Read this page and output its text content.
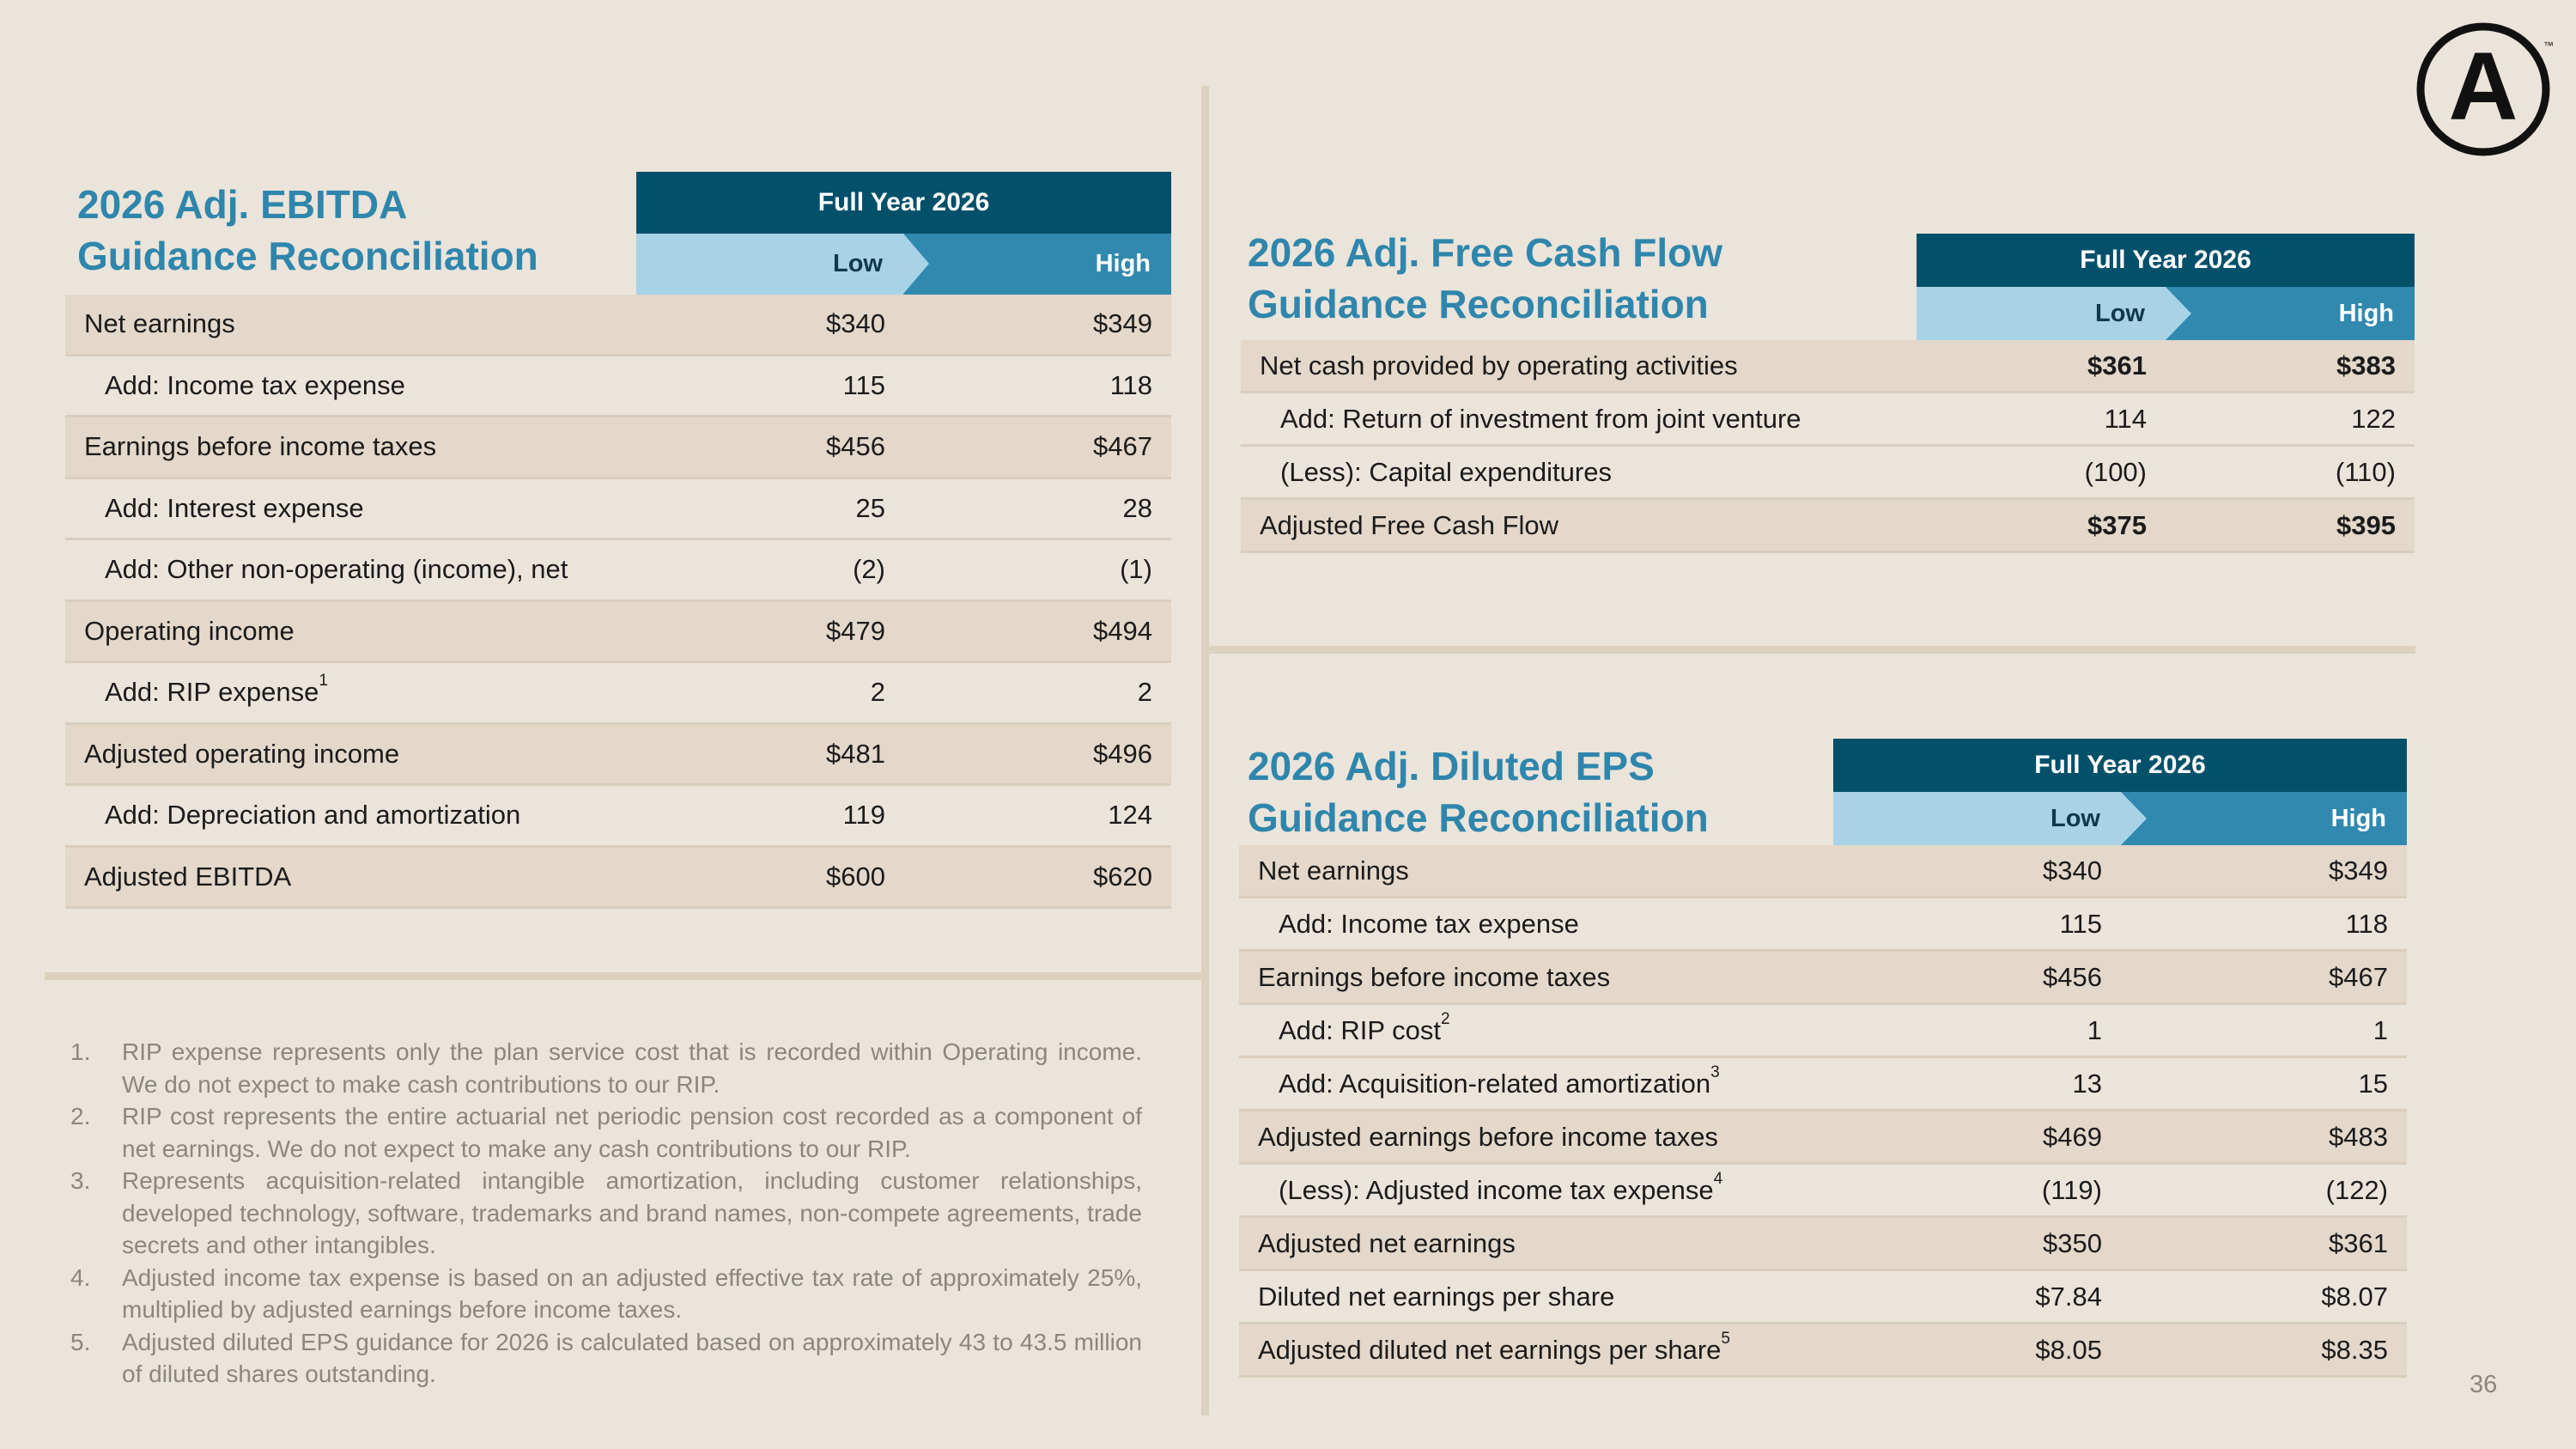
A ™
2026 Adj. EBITDA
Guidance Reconciliation
Full Year 2026
Low	High
Net earnings	$340	$349
Add: Income tax expense	115	118
Earnings before income taxes	$456	$467
Add: Interest expense	25	28
Add: Other non-operating (income), net	(2)	(1)
Operating income	$479	$494
Add: RIP expense$^1$	2	2
Adjusted operating income	$481	$496
Add: Depreciation and amortization	119	124
Adjusted EBITDA	$600	$620
2026 Adj. Free Cash Flow
Guidance Reconciliation
Full Year 2026
Low	High
Net cash provided by operating activities	$361	$383
Add: Return of investment from joint venture	114	122
(Less): Capital expenditures	(100)	(110)
Adjusted Free Cash Flow	$375	$395
2026 Adj. Diluted EPS
Guidance Reconciliation
Full Year 2026
Low	High
Net earnings	$340	$349
Add: Income tax expense	115	118
Earnings before income taxes	$456	$467
Add: RIP cost$^2$	1	1
Add: Acquisition-related amortization$^3$	13	15
Adjusted earnings before income taxes	$469	$483
(Less): Adjusted income tax expense$^4$	(119)	(122)
Adjusted net earnings	$350	$361
Diluted net earnings per share	$7.84	$8.07
Adjusted diluted net earnings per share$^5$	$8.05	$8.35
1.	RIP expense represents only the plan service cost that is recorded within Operating income. We do not expect to make cash contributions to our RIP.
2.	RIP cost represents the entire actuarial net periodic pension cost recorded as a component of net earnings. We do not expect to make any cash contributions to our RIP.
3.	Represents acquisition-related intangible amortization, including customer relationships, developed technology, software, trademarks and brand names, non-compete agreements, trade secrets and other intangibles.
4.	Adjusted income tax expense is based on an adjusted effective tax rate of approximately 25%, multiplied by adjusted earnings before income taxes.
5.	Adjusted diluted EPS guidance for 2026 is calculated based on approximately 43 to 43.5 million of diluted shares outstanding.	36
